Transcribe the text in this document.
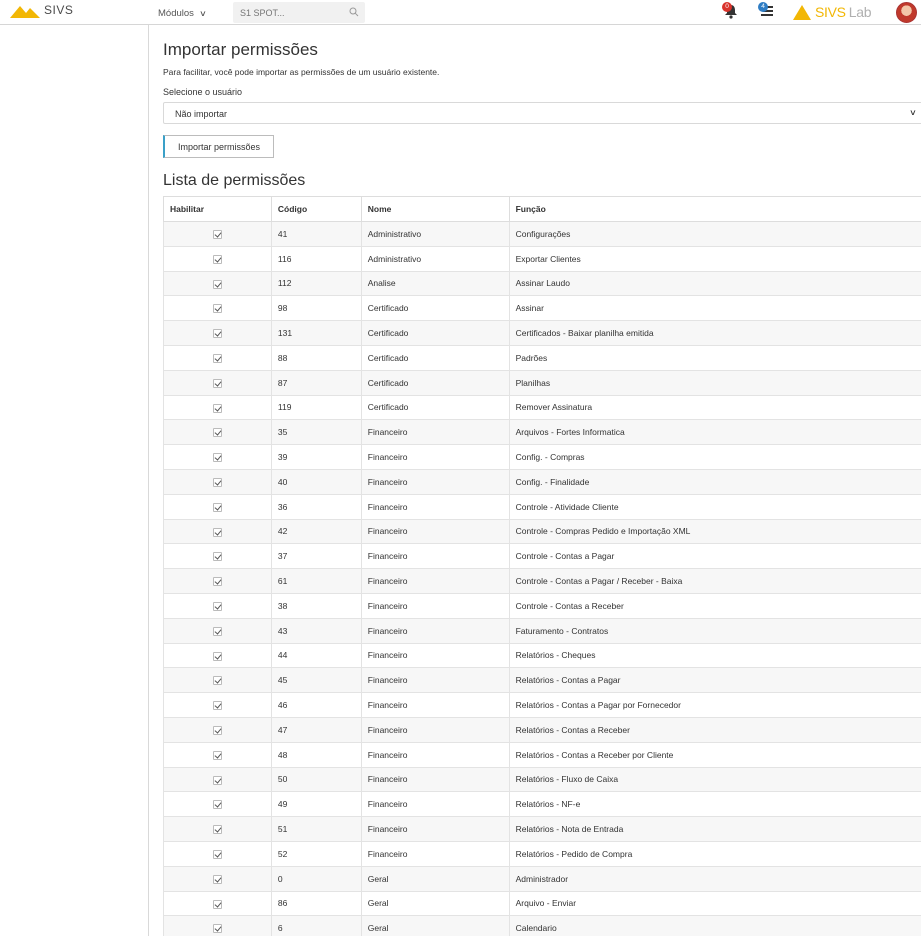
SIVS	Módulos ∨
S1 SPOT...
0	4	SIVS Lab
Importar permissões

Para facilitar, você pode importar as permissões de um usuário existente.

Selecione o usuário
Não importar	∨
Importar permissões
Lista de permissões
Habilitar	Código	Nome	Função
	41	Administrativo	Configurações
	116	Administrativo	Exportar Clientes
	112	Analise	Assinar Laudo
	98	Certificado	Assinar
	131	Certificado	Certificados - Baixar planilha emitida
	88	Certificado	Padrões
	87	Certificado	Planilhas
	119	Certificado	Remover Assinatura
	35	Financeiro	Arquivos - Fortes Informatica
	39	Financeiro	Config. - Compras
	40	Financeiro	Config. - Finalidade
	36	Financeiro	Controle - Atividade Cliente
	42	Financeiro	Controle - Compras Pedido e Importação XML
	37	Financeiro	Controle - Contas a Pagar
	61	Financeiro	Controle - Contas a Pagar / Receber - Baixa
	38	Financeiro	Controle - Contas a Receber
	43	Financeiro	Faturamento - Contratos
	44	Financeiro	Relatórios - Cheques
	45	Financeiro	Relatórios - Contas a Pagar
	46	Financeiro	Relatórios - Contas a Pagar por Fornecedor
	47	Financeiro	Relatórios - Contas a Receber
	48	Financeiro	Relatórios - Contas a Receber por Cliente
	50	Financeiro	Relatórios - Fluxo de Caixa
	49	Financeiro	Relatórios - NF-e
	51	Financeiro	Relatórios - Nota de Entrada
	52	Financeiro	Relatórios - Pedido de Compra
	0	Geral	Administrador
	86	Geral	Arquivo - Enviar
	6	Geral	Calendario
